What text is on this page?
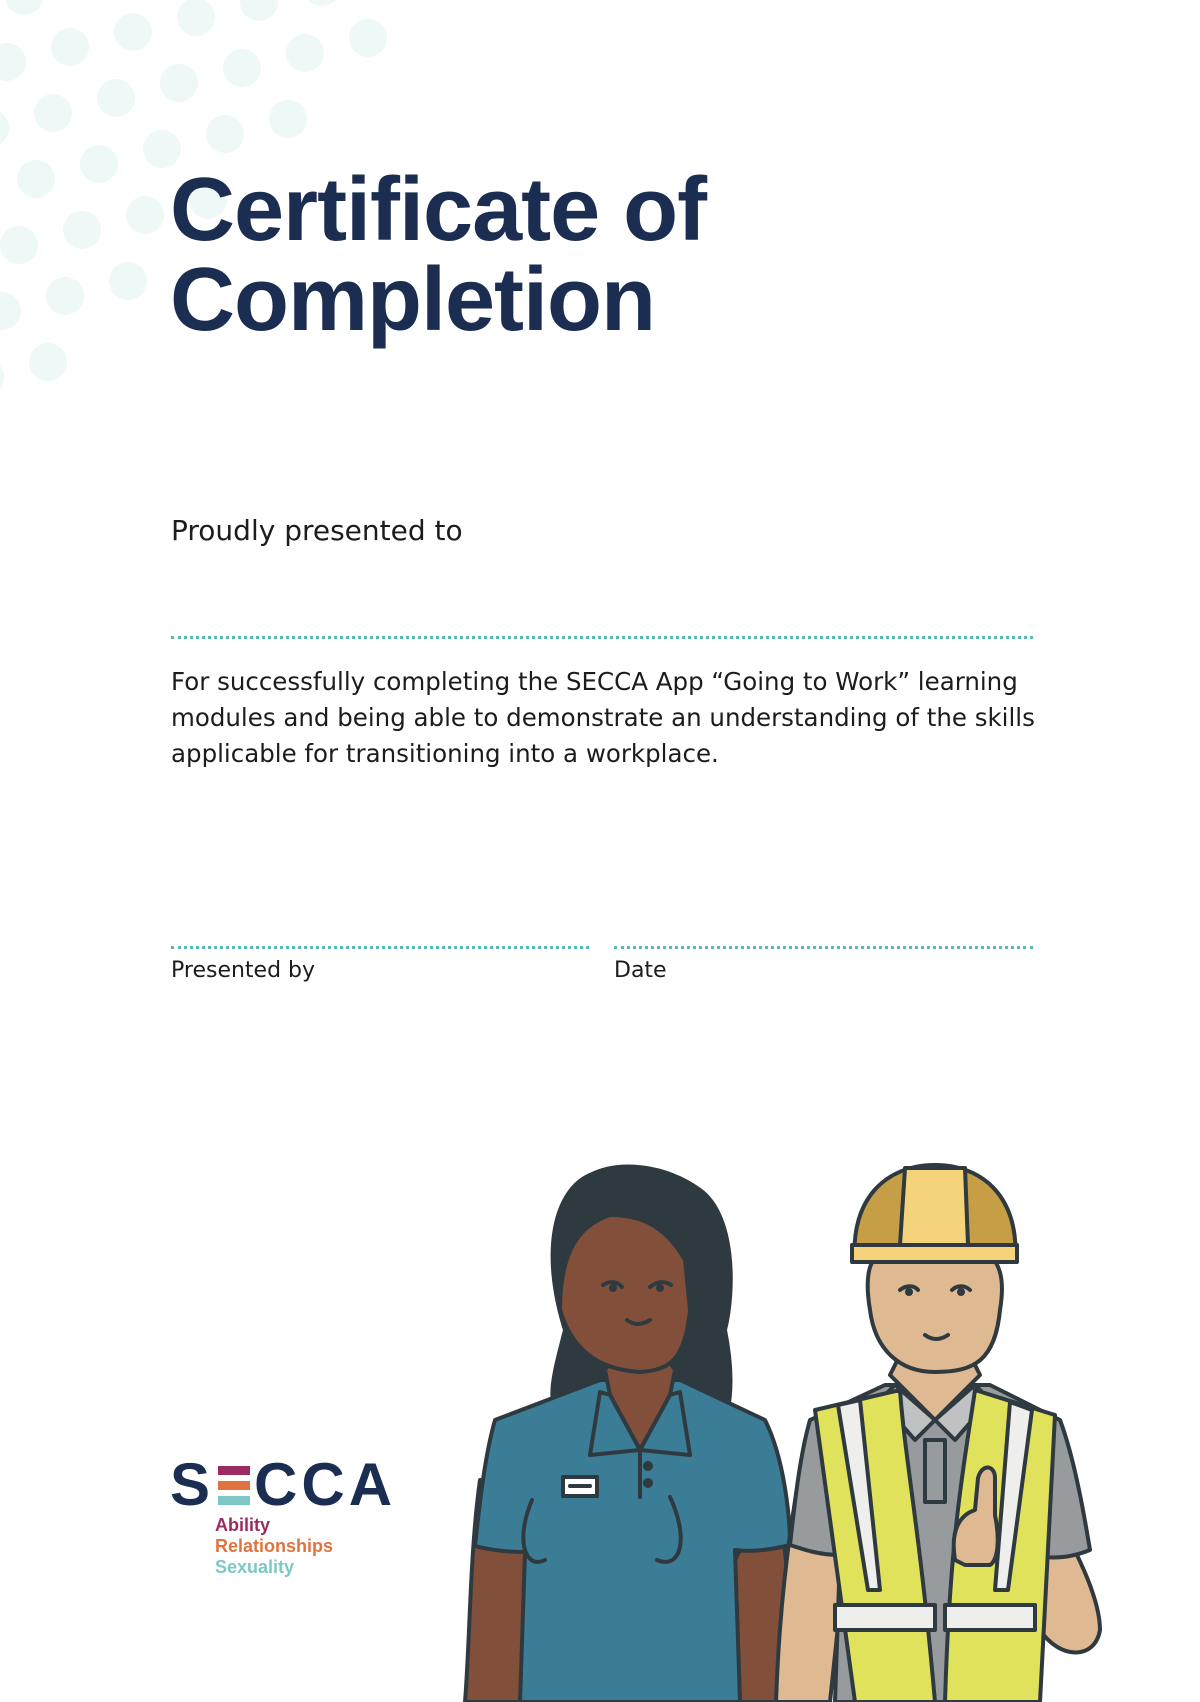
Certificate of
Completion
Proudly presented to
For successfully completing the SECCA App “Going to Work” learning modules and being able to demonstrate an understanding of the skills applicable for transitioning into a workplace.
Presented by	Date
S CCA
Ability
Relationships
Sexuality
